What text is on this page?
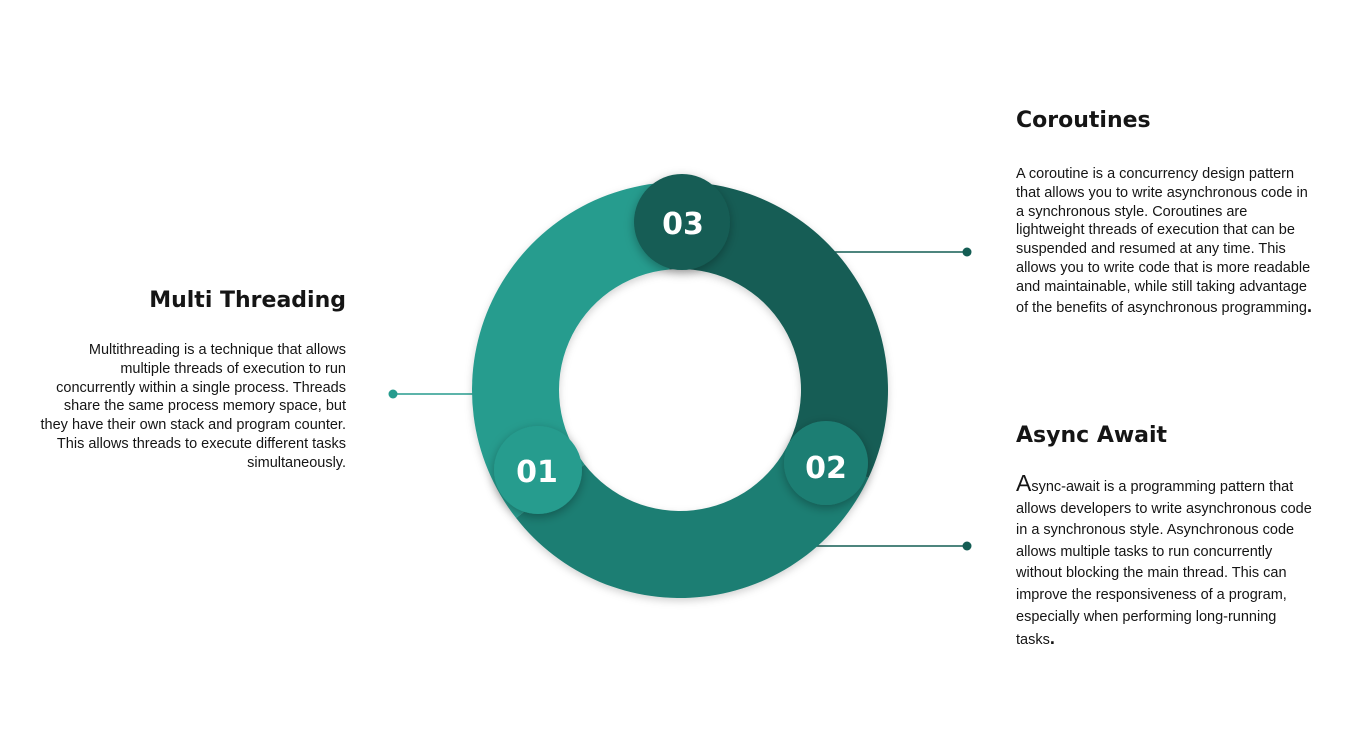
03
02
01
Multi Threading

Multithreading is a technique that allows multiple threads of execution to run concurrently within a single process. Threads share the same process memory space, but they have their own stack and program counter. This allows threads to execute different tasks simultaneously.

Coroutines

A coroutine is a concurrency design pattern that allows you to write asynchronous code in a synchronous style. Coroutines are lightweight threads of execution that can be suspended and resumed at any time. This allows you to write code that is more readable and maintainable, while still taking advantage of the benefits of asynchronous programming.

Async Await

Async-await is a programming pattern that allows developers to write asynchronous code in a synchronous style. Asynchronous code allows multiple tasks to run concurrently without blocking the main thread. This can improve the responsiveness of a program, especially when performing long-running tasks.
